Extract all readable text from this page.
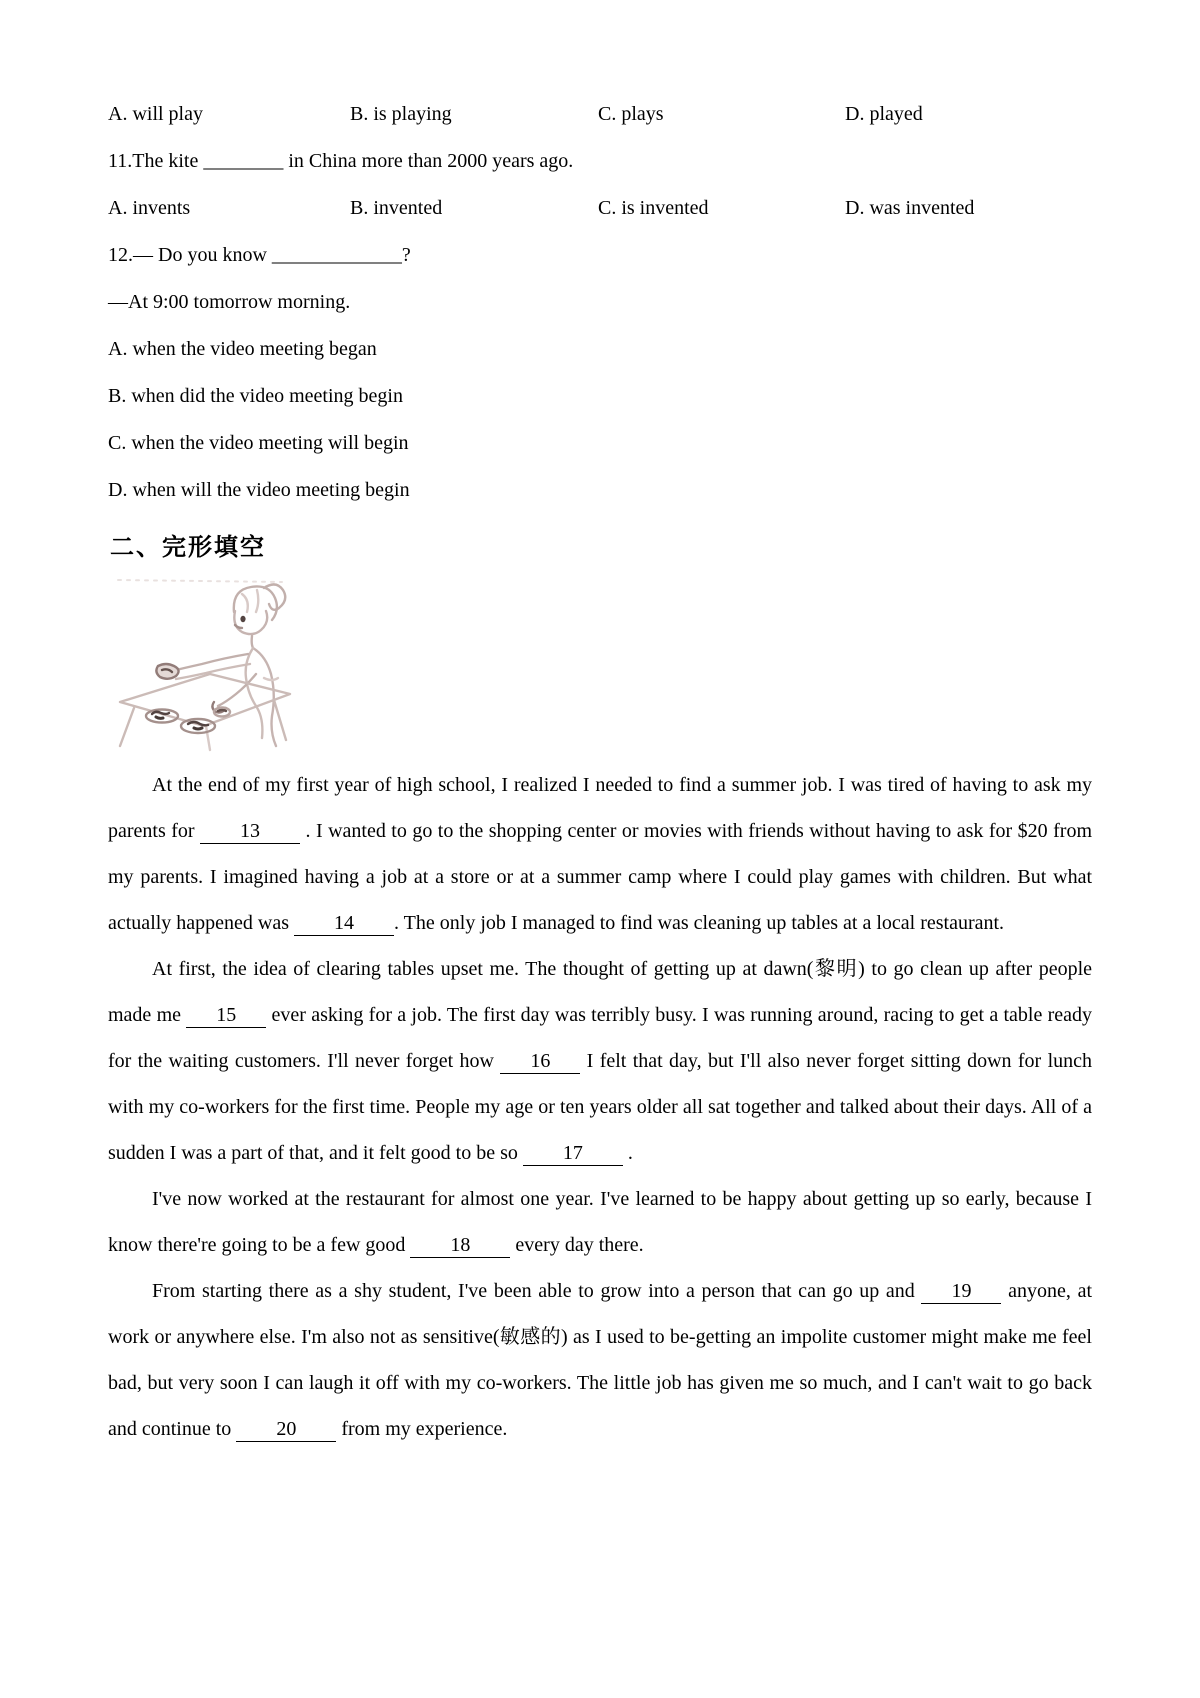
A. will play	B. is playing	C. plays	D. played
11.The kite ________ in China more than 2000 years ago.
A. invents	B. invented	C. is invented	D. was invented
12.— Do you know _____________?
—At 9:00 tomorrow morning.
A. when the video meeting began
B. when did the video meeting begin
C. when the video meeting will begin
D. when will the video meeting begin
二、完形填空

At the end of my first year of high school, I realized I needed to find a summer job. I was tired of having to ask my parents for 13 . I wanted to go to the shopping center or movies with friends without having to ask for $20 from my parents. I imagined having a job at a store or at a summer camp where I could play games with children. But what actually happened was 14 . The only job I managed to find was cleaning up tables at a local restaurant.

At first, the idea of clearing tables upset me. The thought of getting up at dawn(黎明) to go clean up after people made me 15 ever asking for a job. The first day was terribly busy. I was running around, racing to get a table ready for the waiting customers. I'll never forget how 16 I felt that day, but I'll also never forget sitting down for lunch with my co-workers for the first time. People my age or ten years older all sat together and talked about their days. All of a sudden I was a part of that, and it felt good to be so 17 .

I've now worked at the restaurant for almost one year. I've learned to be happy about getting up so early, because I know there're going to be a few good 18 every day there.

From starting there as a shy student, I've been able to grow into a person that can go up and 19 anyone, at work or anywhere else. I'm also not as sensitive(敏感的) as I used to be-getting an impolite customer might make me feel bad, but very soon I can laugh it off with my co-workers. The little job has given me so much, and I can't wait to go back and continue to 20 from my experience.
